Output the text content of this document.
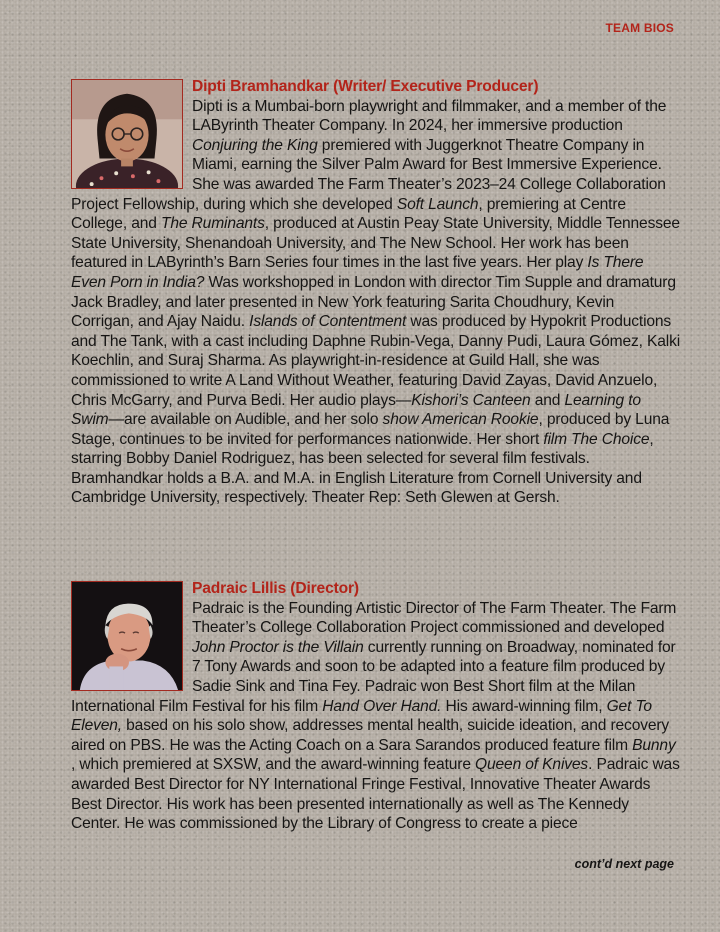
TEAM BIOS
Dipti Bramhandkar (Writer/ Executive Producer)
Dipti is a Mumbai-born playwright and filmmaker, and a member of the LAByrinth Theater Company. In 2024, her immersive production Conjuring the King premiered with Juggerknot Theatre Company in Miami, earning the Silver Palm Award for Best Immersive Experience. She was awarded The Farm Theater’s 2023–24 College Collaboration Project Fellowship, during which she developed Soft Launch, premiering at Centre College, and The Ruminants, produced at Austin Peay State University, Middle Tennessee State University, Shenandoah University, and The New School. Her work has been featured in LAByrinth’s Barn Series four times in the last five years. Her play Is There Even Porn in India? Was workshopped in London with director Tim Supple and dramaturg Jack Bradley, and later presented in New York featuring Sarita Choudhury, Kevin Corrigan, and Ajay Naidu. Islands of Contentment was produced by Hypokrit Productions and The Tank, with a cast including Daphne Rubin-Vega, Danny Pudi, Laura Gómez, Kalki Koechlin, and Suraj Sharma. As playwright-in-residence at Guild Hall, she was commissioned to write A Land Without Weather, featuring David Zayas, David Anzuelo, Chris McGarry, and Purva Bedi. Her audio plays—Kishori’s Canteen and Learning to Swim—are available on Audible, and her solo show American Rookie, produced by Luna Stage, continues to be invited for performances nationwide. Her short film The Choice, starring Bobby Daniel Rodriguez, has been selected for several film festivals. Bramhandkar holds a B.A. and M.A. in English Literature from Cornell University and Cambridge University, respectively. Theater Rep: Seth Glewen at Gersh.
Padraic Lillis (Director)
Padraic is the Founding Artistic Director of The Farm Theater. The Farm Theater’s College Collaboration Project commissioned and developed John Proctor is the Villain currently running on Broadway, nominated for 7 Tony Awards and soon to be adapted into a feature film produced by Sadie Sink and Tina Fey. Padraic won Best Short film at the Milan International Film Festival for his film Hand Over Hand. His award-winning film, Get To Eleven, based on his solo show, addresses mental health, suicide ideation, and recovery aired on PBS. He was the Acting Coach on a Sara Sarandos produced feature film Bunny , which premiered at SXSW, and the award-winning feature Queen of Knives. Padraic was awarded Best Director for NY International Fringe Festival, Innovative Theater Awards Best Director. His work has been presented internationally as well as The Kennedy Center. He was commissioned by the Library of Congress to create a piece
cont’d next page
